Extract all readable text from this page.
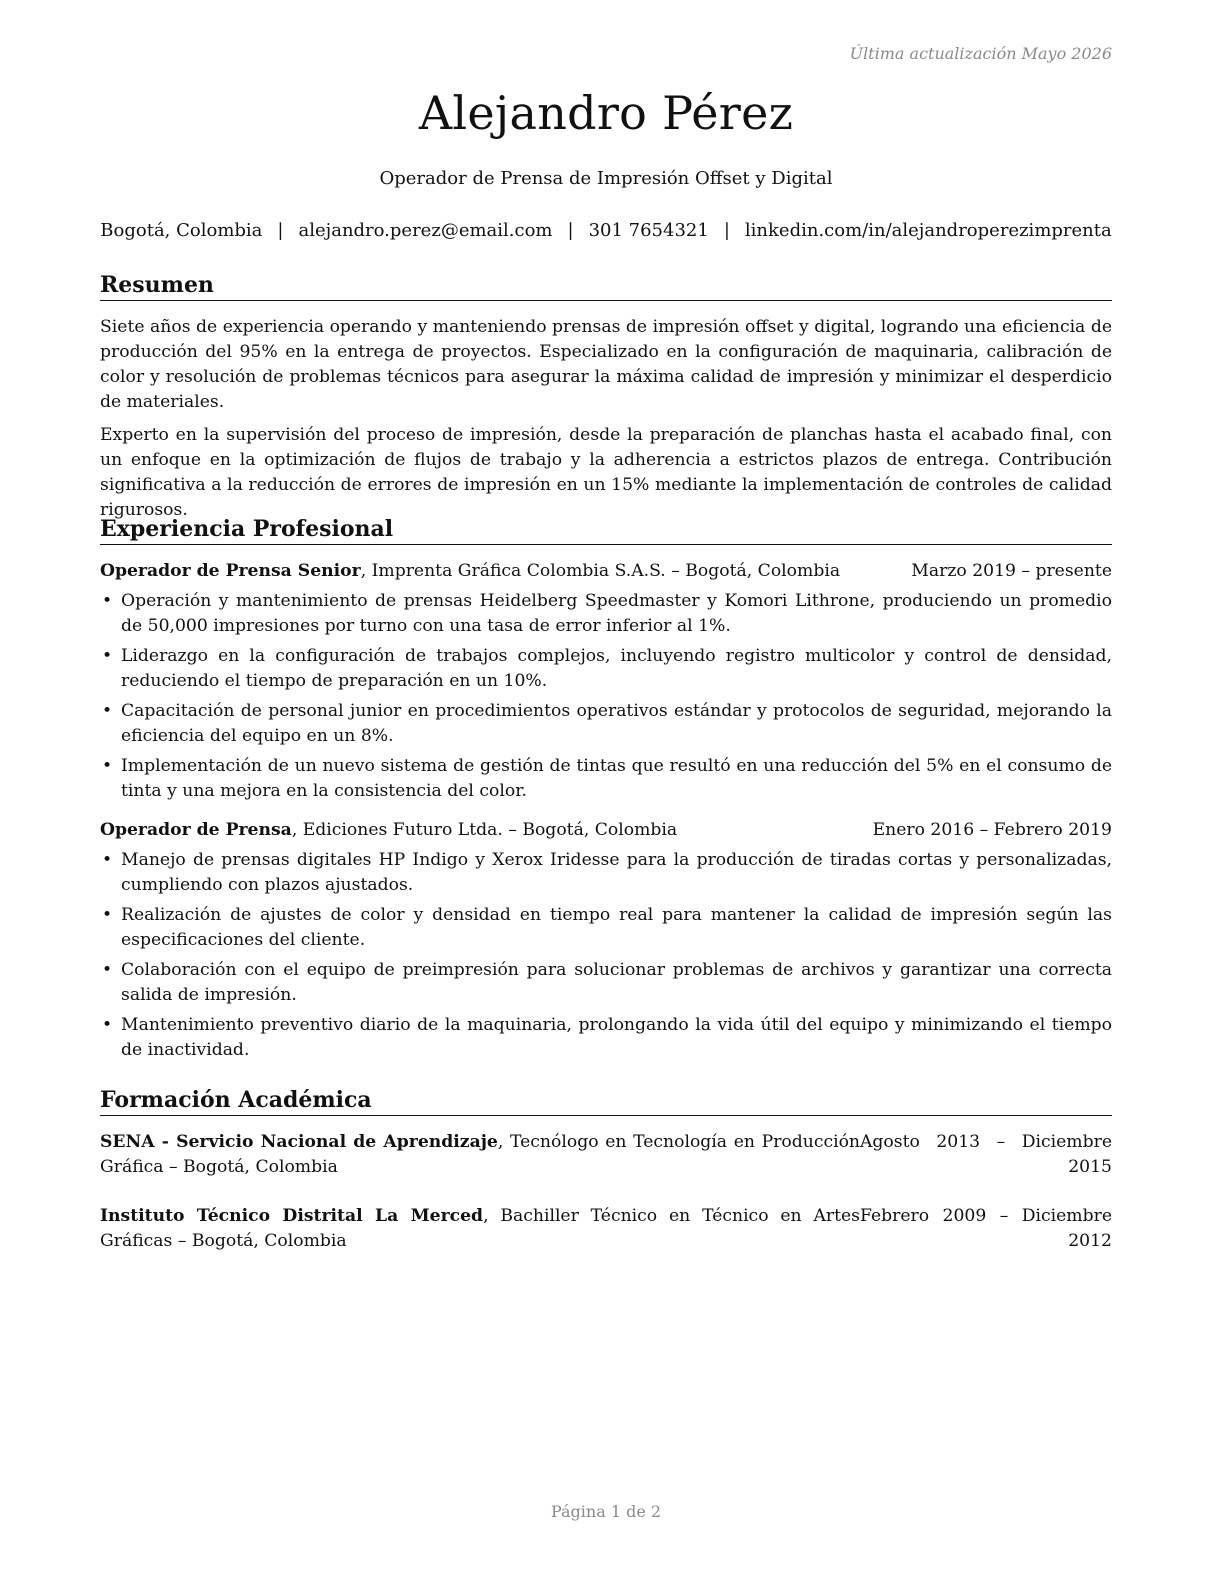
Última actualización Mayo 2026
Alejandro Pérez
Operador de Prensa de Impresión Offset y Digital
Bogotá, Colombia | alejandro.perez@email.com | 301 7654321 | linkedin.com/in/alejandroperezimprenta
Resumen

Siete años de experiencia operando y manteniendo prensas de impresión offset y digital, logrando una eficiencia de producción del 95% en la entrega de proyectos. Especializado en la configuración de maquinaria, calibración de color y resolución de problemas técnicos para asegurar la máxima calidad de impresión y minimizar el desperdicio de materiales.

Experto en la supervisión del proceso de impresión, desde la preparación de planchas hasta el acabado final, con un enfoque en la optimización de flujos de trabajo y la adherencia a estrictos plazos de entrega. Contribución significativa a la reducción de errores de impresión en un 15% mediante la implementación de controles de calidad rigurosos.

Experiencia Profesional
Operador de Prensa Senior, Imprenta Gráfica Colombia S.A.S. – Bogotá, Colombia	Marzo 2019 – presente
• Operación y mantenimiento de prensas Heidelberg Speedmaster y Komori Lithrone, produciendo un promedio de 50,000 impresiones por turno con una tasa de error inferior al 1%.
• Liderazgo en la configuración de trabajos complejos, incluyendo registro multicolor y control de densidad, reduciendo el tiempo de preparación en un 10%.
• Capacitación de personal junior en procedimientos operativos estándar y protocolos de seguridad, mejorando la eficiencia del equipo en un 8%.
• Implementación de un nuevo sistema de gestión de tintas que resultó en una reducción del 5% en el consumo de tinta y una mejora en la consistencia del color.
Operador de Prensa, Ediciones Futuro Ltda. – Bogotá, Colombia	Enero 2016 – Febrero 2019
• Manejo de prensas digitales HP Indigo y Xerox Iridesse para la producción de tiradas cortas y personalizadas, cumpliendo con plazos ajustados.
• Realización de ajustes de color y densidad en tiempo real para mantener la calidad de impresión según las especificaciones del cliente.
• Colaboración con el equipo de preimpresión para solucionar problemas de archivos y garantizar una correcta salida de impresión.
• Mantenimiento preventivo diario de la maquinaria, prolongando la vida útil del equipo y minimizando el tiempo de inactividad.
Formación Académica
SENA - Servicio Nacional de Aprendizaje, Tecnólogo en Tecnología en Producción Gráfica – Bogotá, Colombia
Agosto 2013 – Diciembre 2015
Instituto Técnico Distrital La Merced, Bachiller Técnico en Técnico en Artes Gráficas – Bogotá, Colombia
Febrero 2009 – Diciembre 2012
Página 1 de 2
